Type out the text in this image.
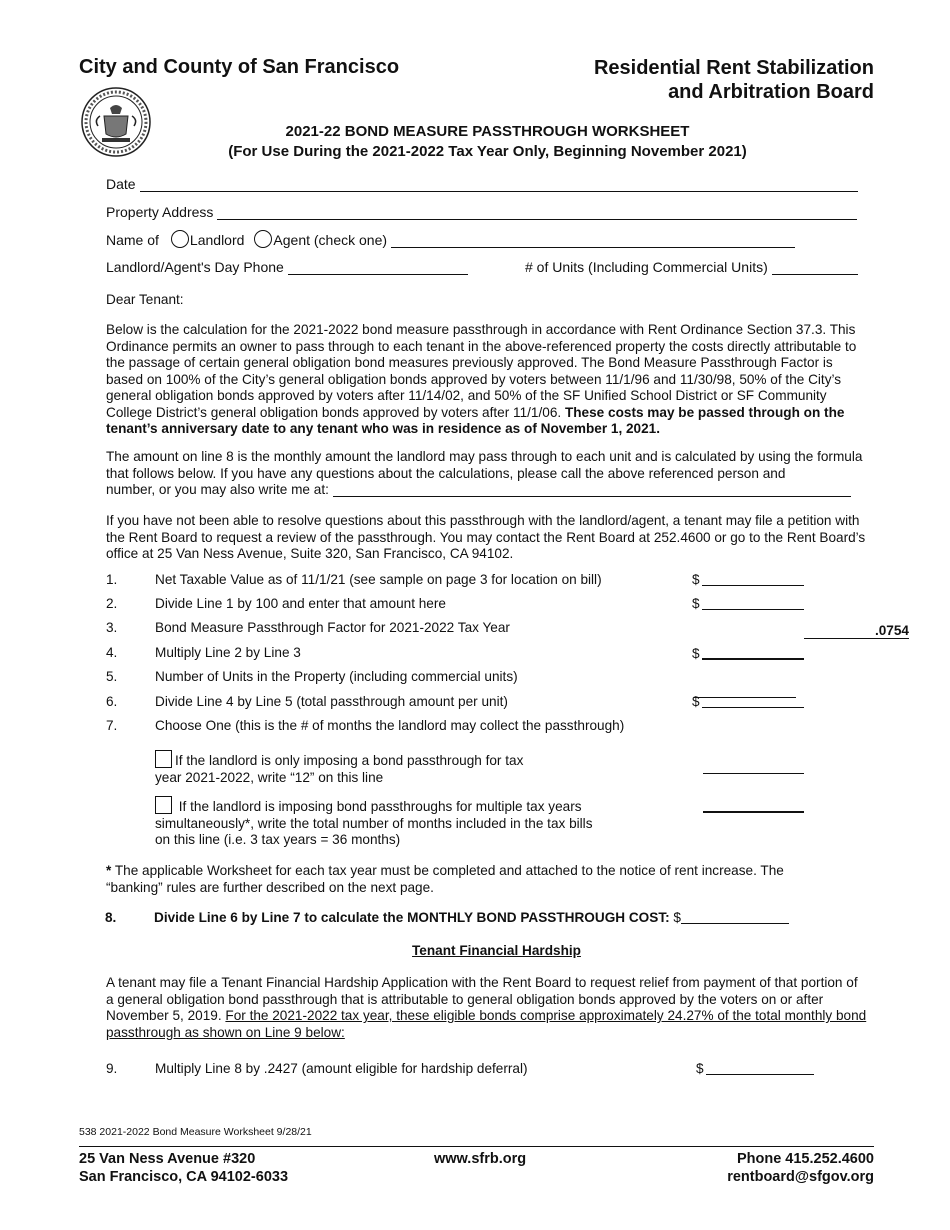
City and County of San Francisco	Residential Rent Stabilization
and Arbitration Board
2021-22 BOND MEASURE PASSTHROUGH WORKSHEET
(For Use During the 2021-2022 Tax Year Only, Beginning November 2021)
Date
Property Address
Name of Landlord Agent (check one)
Landlord/Agent's Day Phone	# of Units (Including Commercial Units)
Dear Tenant:
Below is the calculation for the 2021-2022 bond measure passthrough in accordance with Rent Ordinance Section 37.3. This Ordinance permits an owner to pass through to each tenant in the above-referenced property the costs directly attributable to the passage of certain general obligation bond measures previously approved. The Bond Measure Passthrough Factor is based on 100% of the City’s general obligation bonds approved by voters between 11/1/96 and 11/30/98, 50% of the City’s general obligation bonds approved by voters after 11/14/02, and 50% of the SF Unified School District or SF Community College District’s general obligation bonds approved by voters after 11/1/06. These costs may be passed through on the tenant’s anniversary date to any tenant who was in residence as of November 1, 2021.
The amount on line 8 is the monthly amount the landlord may pass through to each unit and is calculated by using the formula that follows below. If you have any questions about the calculations, please call the above referenced person and
number, or you may also write me at:
If you have not been able to resolve questions about this passthrough with the landlord/agent, a tenant may file a petition with the Rent Board to request a review of the passthrough. You may contact the Rent Board at 252.4600 or go to the Rent Board’s office at 25 Van Ness Avenue, Suite 320, San Francisco, CA 94102.
1.	Net Taxable Value as of 11/1/21 (see sample on page 3 for location on bill)	$
2.	Divide Line 1 by 100 and enter that amount here	$
3.	Bond Measure Passthrough Factor for 2021-2022 Tax Year	.0754
4.	Multiply Line 2 by Line 3	$
5.	Number of Units in the Property (including commercial units)
6.	Divide Line 4 by Line 5 (total passthrough amount per unit)	$
7.	Choose One (this is the # of months the landlord may collect the passthrough)
If the landlord is only imposing a bond passthrough for tax
year 2021-2022, write “12” on this line
If the landlord is imposing bond passthroughs for multiple tax years
simultaneously*, write the total number of months included in the tax bills
on this line (i.e. 3 tax years = 36 months)
* The applicable Worksheet for each tax year must be completed and attached to the notice of rent increase. The
“banking” rules are further described on the next page.
8.	Divide Line 6 by Line 7 to calculate the MONTHLY BOND PASSTHROUGH COST: $
Tenant Financial Hardship
A tenant may file a Tenant Financial Hardship Application with the Rent Board to request relief from payment of that portion of a general obligation bond passthrough that is attributable to general obligation bonds approved by the voters on or after November 5, 2019. For the 2021-2022 tax year, these eligible bonds comprise approximately 24.27% of the total monthly bond passthrough as shown on Line 9 below:
9.	Multiply Line 8 by .2427 (amount eligible for hardship deferral)	$
538 2021-2022 Bond Measure Worksheet 9/28/21
25 Van Ness Avenue #320
San Francisco, CA 94102-6033
www.sfrb.org	Phone 415.252.4600
rentboard@sfgov.org
